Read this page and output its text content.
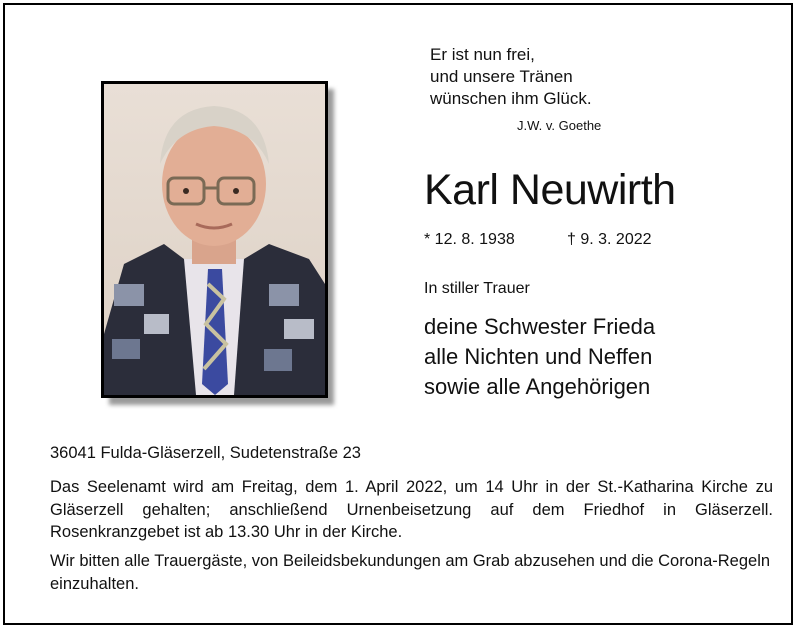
Er ist nun frei,
und unsere Tränen
wünschen ihm Glück.
J.W. v. Goethe
Karl Neuwirth
* 12. 8. 1938	† 9. 3. 2022
In stiller Trauer
deine Schwester Frieda
alle Nichten und Neffen
sowie alle Angehörigen
36041 Fulda-Gläserzell, Sudetenstraße 23
Das Seelenamt wird am Freitag, dem 1. April 2022, um 14 Uhr in der St.-Katharina Kirche zu Gläserzell gehalten; anschließend Urnenbeisetzung auf dem Friedhof in Gläserzell. Rosenkranzgebet ist ab 13.30 Uhr in der Kirche.
Wir bitten alle Trauergäste, von Beileidsbekundungen am Grab abzusehen und die Corona-Regeln einzuhalten.
